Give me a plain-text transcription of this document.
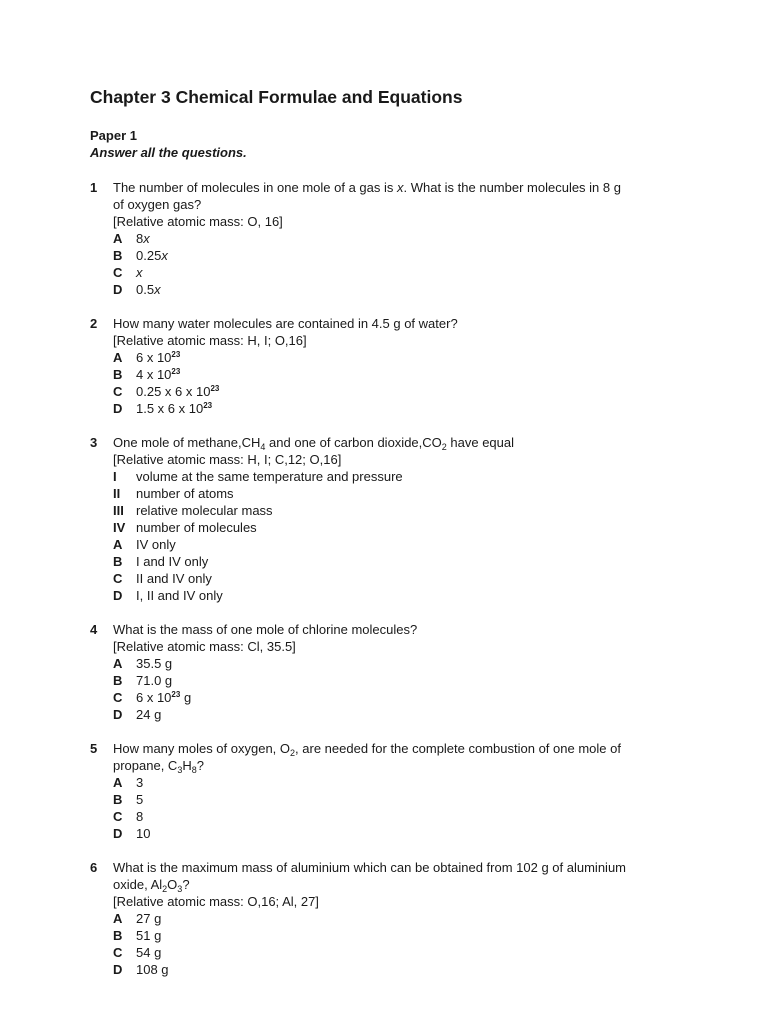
Chapter 3 Chemical Formulae and Equations
Paper 1
Answer all the questions.
1	The number of molecules in one mole of a gas is x. What is the number molecules in 8 g
of oxygen gas?
[Relative atomic mass: O, 16]
A	8x
B	0.25x
C	x
D	0.5x
2	How many water molecules are contained in 4.5 g of water?
[Relative atomic mass: H, I; O,16]
A	6 x $10^{23}$
B	4 x $10^{23}$
C	0.25 x 6 x $10^{23}$
D	1.5 x 6 x $10^{23}$
3	One mole of $methane,CH_4$ and one of carbon $dioxide,CO_2$ have equal
[Relative atomic mass: H, I; C,12; O,16]
I	volume at the same temperature and pressure
II	number of atoms
III relative molecular mass
IV number of molecules
A	IV only
B	I and IV only
C	II and IV only
D	I, II and IV only
4	What is the mass of one mole of chlorine molecules?
[Relative atomic mass: Cl, 35.5]
A	35.5 g
B	71.0 g
C	6 x $10^{23}$ g
D	24 g
5	How many moles of oxygen, $O_2$, are needed for the complete combustion of one mole of
propane, $C_3H_8$?
A	3
B	5
C	8
D	10
6	What is the maximum mass of aluminium which can be obtained from 102 g of aluminium
oxide, $Al_2O_3$?
[Relative atomic mass: O,16; Al, 27]
A	27 g
B	51 g
C	54 g
D	108 g
